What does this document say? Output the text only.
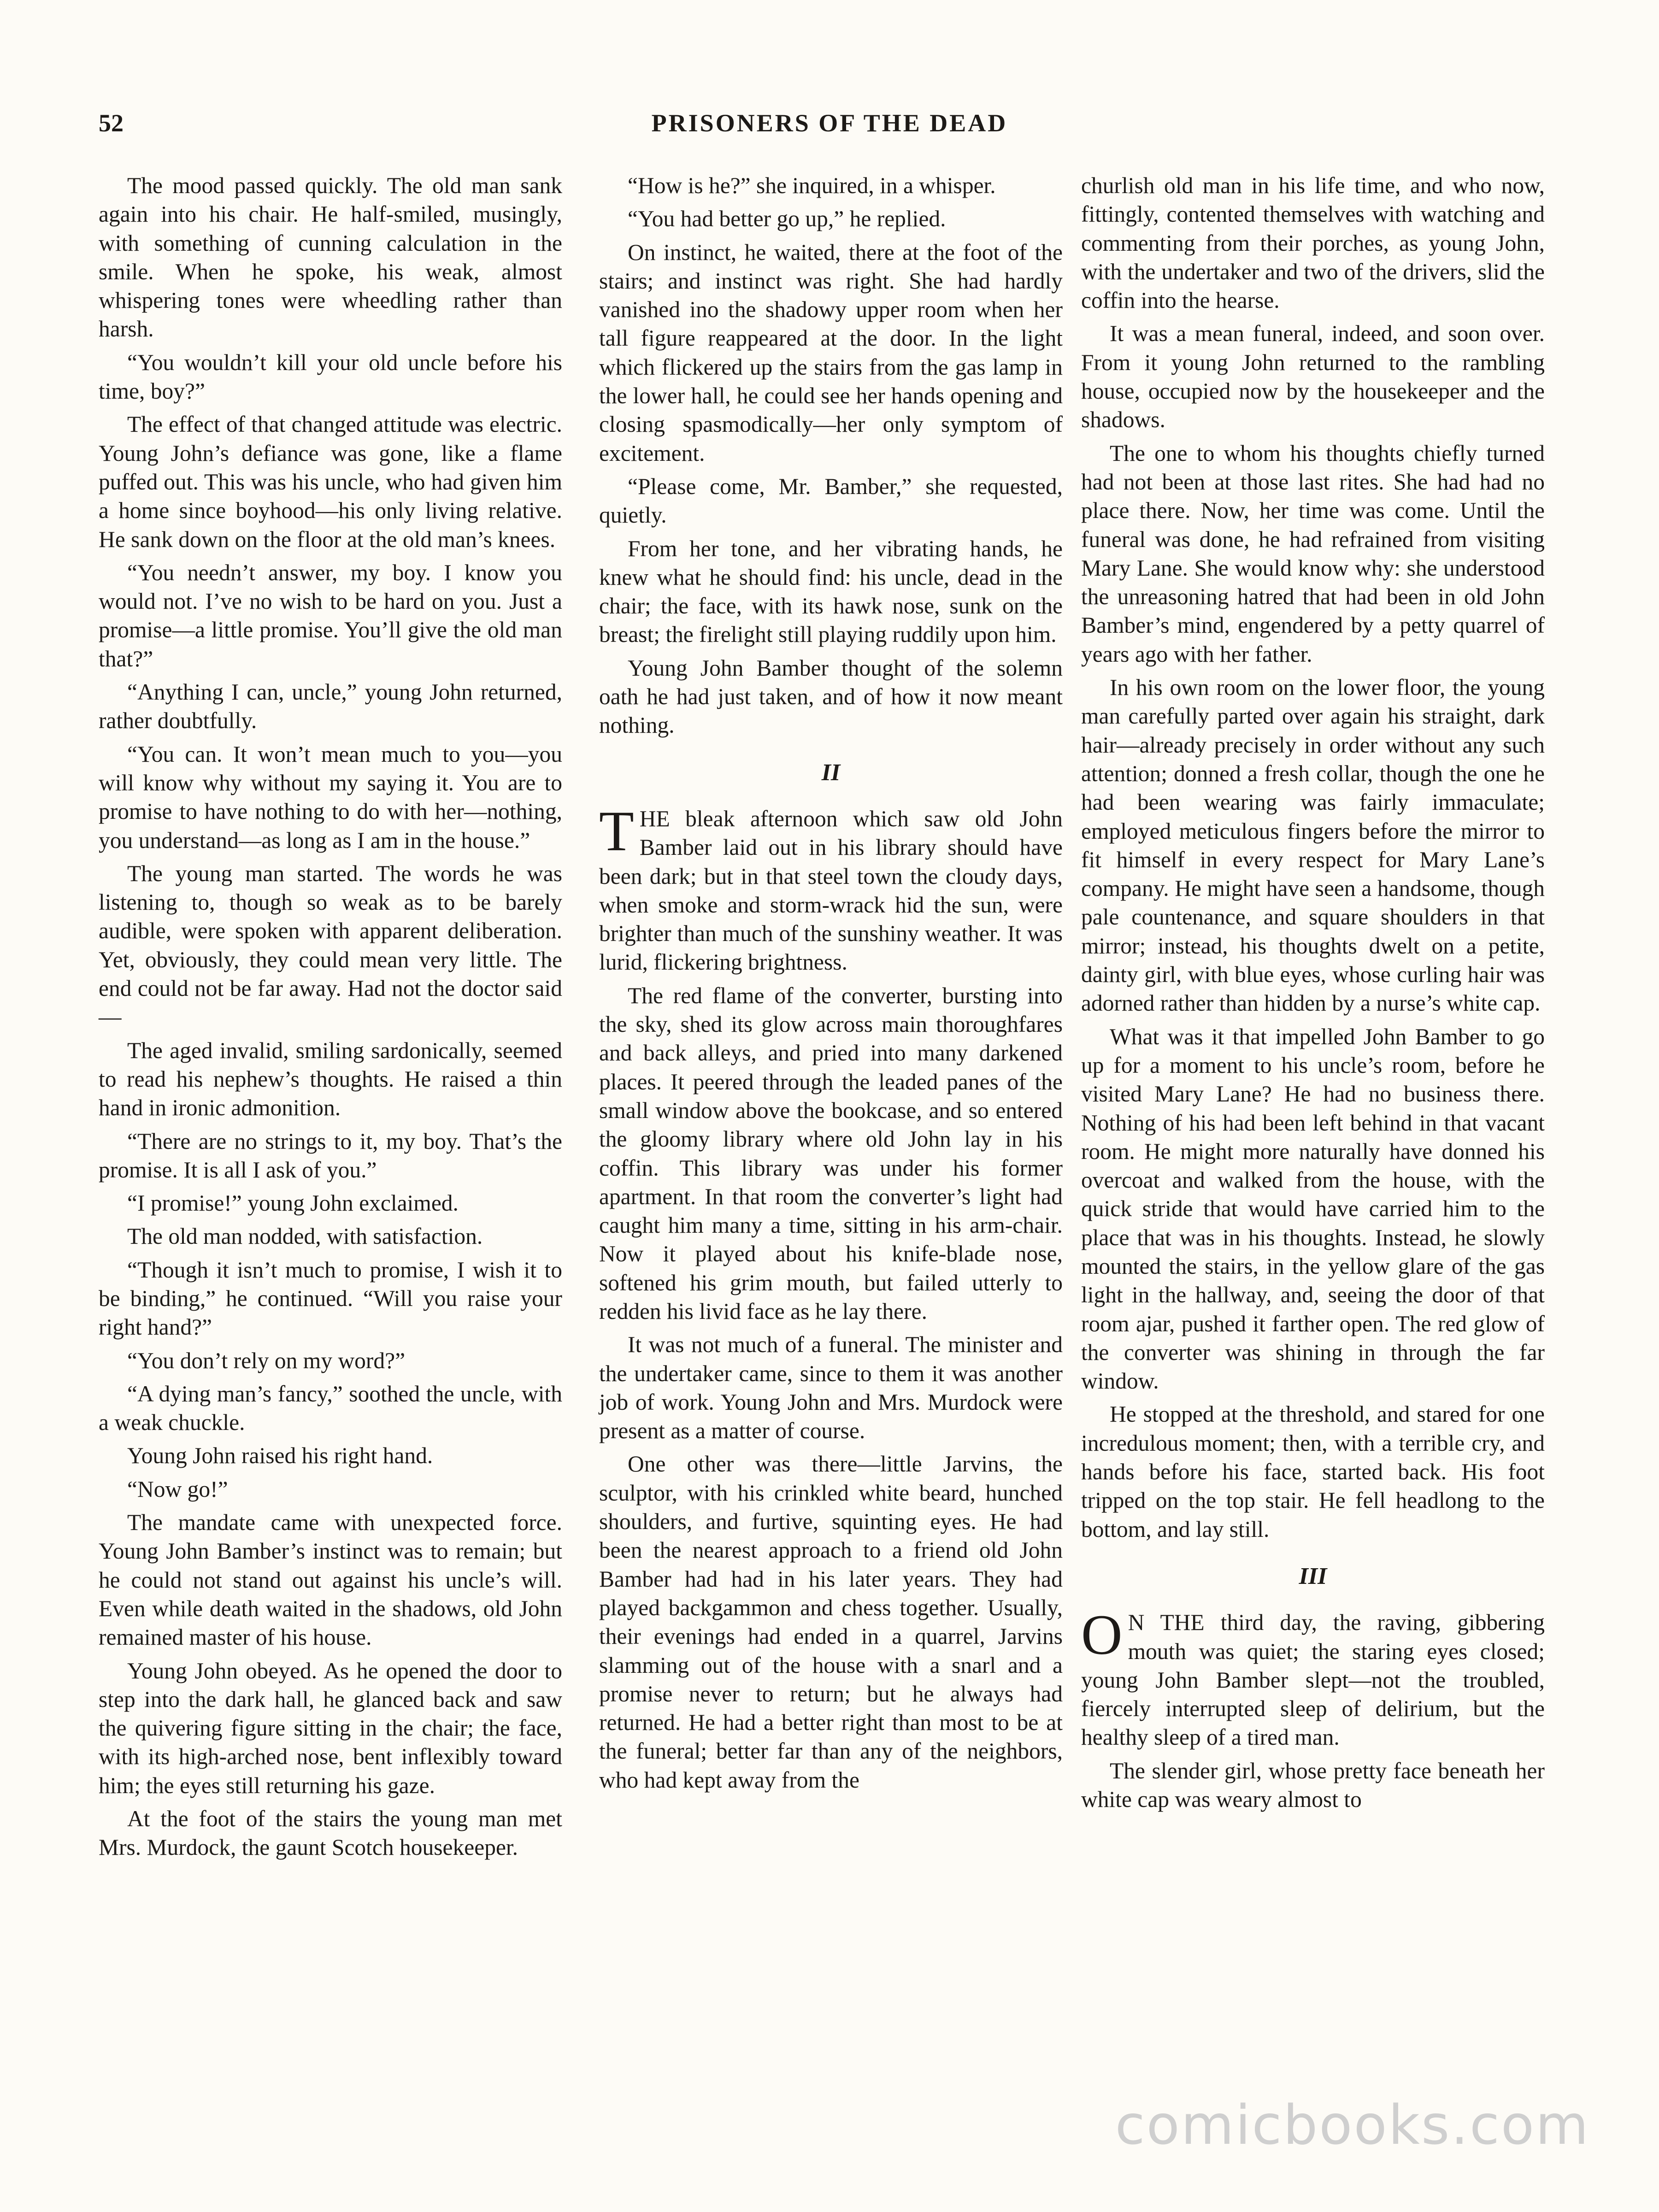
52	PRISONERS OF THE DEAD

The mood passed quickly. The old man sank again into his chair. He half-smiled, musingly, with something of cunning calculation in the smile. When he spoke, his weak, almost whispering tones were wheedling rather than harsh.

“You wouldn’t kill your old uncle before his time, boy?”

The effect of that changed attitude was electric. Young John’s defiance was gone, like a flame puffed out. This was his uncle, who had given him a home since boyhood—his only living relative. He sank down on the floor at the old man’s knees.

“You needn’t answer, my boy. I know you would not. I’ve no wish to be hard on you. Just a promise—a little promise. You’ll give the old man that?”

“Anything I can, uncle,” young John returned, rather doubtfully.

“You can. It won’t mean much to you—you will know why without my saying it. You are to promise to have nothing to do with her—nothing, you understand—as long as I am in the house.”

The young man started. The words he was listening to, though so weak as to be barely audible, were spoken with apparent deliberation. Yet, obviously, they could mean very little. The end could not be far away. Had not the doctor said—

The aged invalid, smiling sardonically, seemed to read his nephew’s thoughts. He raised a thin hand in ironic admonition.

“There are no strings to it, my boy. That’s the promise. It is all I ask of you.”

“I promise!” young John exclaimed.

The old man nodded, with satisfaction.

“Though it isn’t much to promise, I wish it to be binding,” he continued. “Will you raise your right hand?”

“You don’t rely on my word?”

“A dying man’s fancy,” soothed the uncle, with a weak chuckle.

Young John raised his right hand.

“Now go!”

The mandate came with unexpected force. Young John Bamber’s instinct was to remain; but he could not stand out against his uncle’s will. Even while death waited in the shadows, old John remained master of his house.

Young John obeyed. As he opened the door to step into the dark hall, he glanced back and saw the quivering figure sitting in the chair; the face, with its high-arched nose, bent inflexibly toward him; the eyes still returning his gaze.

At the foot of the stairs the young man met Mrs. Murdock, the gaunt Scotch housekeeper.

“How is he?” she inquired, in a whisper.

“You had better go up,” he replied.

On instinct, he waited, there at the foot of the stairs; and instinct was right. She had hardly vanished ino the shadowy upper room when her tall figure reappeared at the door. In the light which flickered up the stairs from the gas lamp in the lower hall, he could see her hands opening and closing spasmodically—her only symptom of excitement.

“Please come, Mr. Bamber,” she requested, quietly.

From her tone, and her vibrating hands, he knew what he should find: his uncle, dead in the chair; the face, with its hawk nose, sunk on the breast; the firelight still playing ruddily upon him.

Young John Bamber thought of the solemn oath he had just taken, and of how it now meant nothing.

II

THE bleak afternoon which saw old John Bamber laid out in his library should have been dark; but in that steel town the cloudy days, when smoke and storm-wrack hid the sun, were brighter than much of the sunshiny weather. It was lurid, flickering brightness.

The red flame of the converter, bursting into the sky, shed its glow across main thoroughfares and back alleys, and pried into many darkened places. It peered through the leaded panes of the small window above the bookcase, and so entered the gloomy library where old John lay in his coffin. This library was under his former apartment. In that room the converter’s light had caught him many a time, sitting in his arm-chair. Now it played about his knife-blade nose, softened his grim mouth, but failed utterly to redden his livid face as he lay there.

It was not much of a funeral. The minister and the undertaker came, since to them it was another job of work. Young John and Mrs. Murdock were present as a matter of course.

One other was there—little Jarvins, the sculptor, with his crinkled white beard, hunched shoulders, and furtive, squinting eyes. He had been the nearest approach to a friend old John Bamber had had in his later years. They had played backgammon and chess together. Usually, their evenings had ended in a quarrel, Jarvins slamming out of the house with a snarl and a promise never to return; but he always had returned. He had a better right than most to be at the funeral; better far than any of the neighbors, who had kept away from the

churlish old man in his life time, and who now, fittingly, contented themselves with watching and commenting from their porches, as young John, with the undertaker and two of the drivers, slid the coffin into the hearse.

It was a mean funeral, indeed, and soon over. From it young John returned to the rambling house, occupied now by the housekeeper and the shadows.

The one to whom his thoughts chiefly turned had not been at those last rites. She had had no place there. Now, her time was come. Until the funeral was done, he had refrained from visiting Mary Lane. She would know why: she understood the unreasoning hatred that had been in old John Bamber’s mind, engendered by a petty quarrel of years ago with her father.

In his own room on the lower floor, the young man carefully parted over again his straight, dark hair—already precisely in order without any such attention; donned a fresh collar, though the one he had been wearing was fairly immaculate; employed meticulous fingers before the mirror to fit himself in every respect for Mary Lane’s company. He might have seen a handsome, though pale countenance, and square shoulders in that mirror; instead, his thoughts dwelt on a petite, dainty girl, with blue eyes, whose curling hair was adorned rather than hidden by a nurse’s white cap.

What was it that impelled John Bamber to go up for a moment to his uncle’s room, before he visited Mary Lane? He had no business there. Nothing of his had been left behind in that vacant room. He might more naturally have donned his overcoat and walked from the house, with the quick stride that would have carried him to the place that was in his thoughts. Instead, he slowly mounted the stairs, in the yellow glare of the gas light in the hallway, and, seeing the door of that room ajar, pushed it farther open. The red glow of the converter was shining in through the far window.

He stopped at the threshold, and stared for one incredulous moment; then, with a terrible cry, and hands before his face, started back. His foot tripped on the top stair. He fell headlong to the bottom, and lay still.

III

O N THE third day, the raving, gibbering mouth was quiet; the staring eyes closed; young John Bamber slept—not the troubled, fiercely interrupted sleep of delirium, but the healthy sleep of a tired man.

The slender girl, whose pretty face beneath her white cap was weary almost to

comicbooks.com
